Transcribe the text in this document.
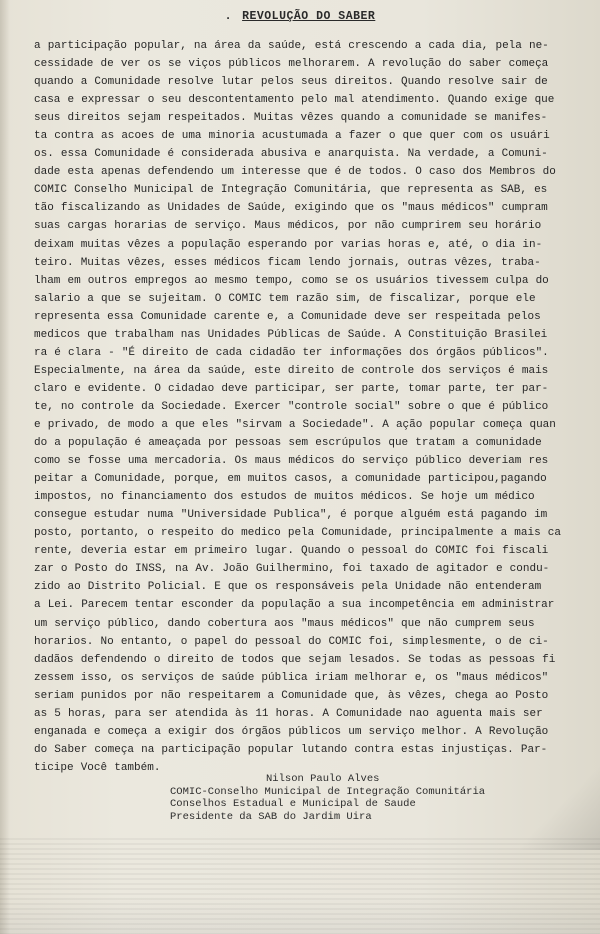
. REVOLUÇÃO DO SABER
a participação popular, na área da saúde, está crescendo a cada dia, pela ne-
cessidade de ver os se viços públicos melhorarem. A revolução do saber começa
quando a Comunidade resolve lutar pelos seus direitos. Quando resolve sair de
casa e expressar o seu descontentamento pelo mal atendimento. Quando exige que
seus direitos sejam respeitados. Muitas vêzes quando a comunidade se manifes-
ta contra as acoes de uma minoria acustumada a fazer o que quer com os usuári
os. essa Comunidade é considerada abusiva e anarquista. Na verdade, a Comuni-
dade esta apenas defendendo um interesse que é de todos. O caso dos Membros do
COMIC Conselho Municipal de Integração Comunitária, que representa as SAB, es
tão fiscalizando as Unidades de Saúde, exigindo que os "maus médicos" cumpram
suas cargas horarias de serviço. Maus médicos, por não cumprirem seu horário
deixam muitas vêzes a população esperando por varias horas e, até, o dia in-
teiro. Muitas vêzes, esses médicos ficam lendo jornais, outras vêzes, traba-
lham em outros empregos ao mesmo tempo, como se os usuários tivessem culpa do
salario a que se sujeitam. O COMIC tem razão sim, de fiscalizar, porque ele
representa essa Comunidade carente e, a Comunidade deve ser respeitada pelos
medicos que trabalham nas Unidades Públicas de Saúde. A Constituição Brasilei
ra é clara - "É direito de cada cidadão ter informações dos órgãos públicos".
Especialmente, na área da saúde, este direito de controle dos serviços é mais
claro e evidente. O cidadao deve participar, ser parte, tomar parte, ter par-
te, no controle da Sociedade. Exercer "controle social" sobre o que é público
e privado, de modo a que eles "sirvam a Sociedade". A ação popular começa quan
do a população é ameaçada por pessoas sem escrúpulos que tratam a comunidade
como se fosse uma mercadoria. Os maus médicos do serviço público deveriam res
peitar a Comunidade, porque, em muitos casos, a comunidade participou,pagando
impostos, no financiamento dos estudos de muitos médicos. Se hoje um médico
consegue estudar numa "Universidade Publica", é porque alguém está pagando im
posto, portanto, o respeito do medico pela Comunidade, principalmente a mais ca
rente, deveria estar em primeiro lugar. Quando o pessoal do COMIC foi fiscali
zar o Posto do INSS, na Av. João Guilhermino, foi taxado de agitador e condu-
zido ao Distrito Policial. E que os responsáveis pela Unidade não entenderam
a Lei. Parecem tentar esconder da população a sua incompetência em administrar
um serviço público, dando cobertura aos "maus médicos" que não cumprem seus
horarios. No entanto, o papel do pessoal do COMIC foi, simplesmente, o de ci-
dadãos defendendo o direito de todos que sejam lesados. Se todas as pessoas fi
zessem isso, os serviços de saúde pública iriam melhorar e, os "maus médicos"
seriam punidos por não respeitarem a Comunidade que, às vêzes, chega ao Posto
as 5 horas, para ser atendida às 11 horas. A Comunidade nao aguenta mais ser
enganada e começa a exigir dos órgãos públicos um serviço melhor. A Revolução
do Saber começa na participação popular lutando contra estas injustiças. Par-
ticipe Você também.
Nilson Paulo Alves
COMIC-Conselho Municipal de Integração Comunitária
Conselhos Estadual e Municipal de Saude
Presidente da SAB do Jardim Uira
